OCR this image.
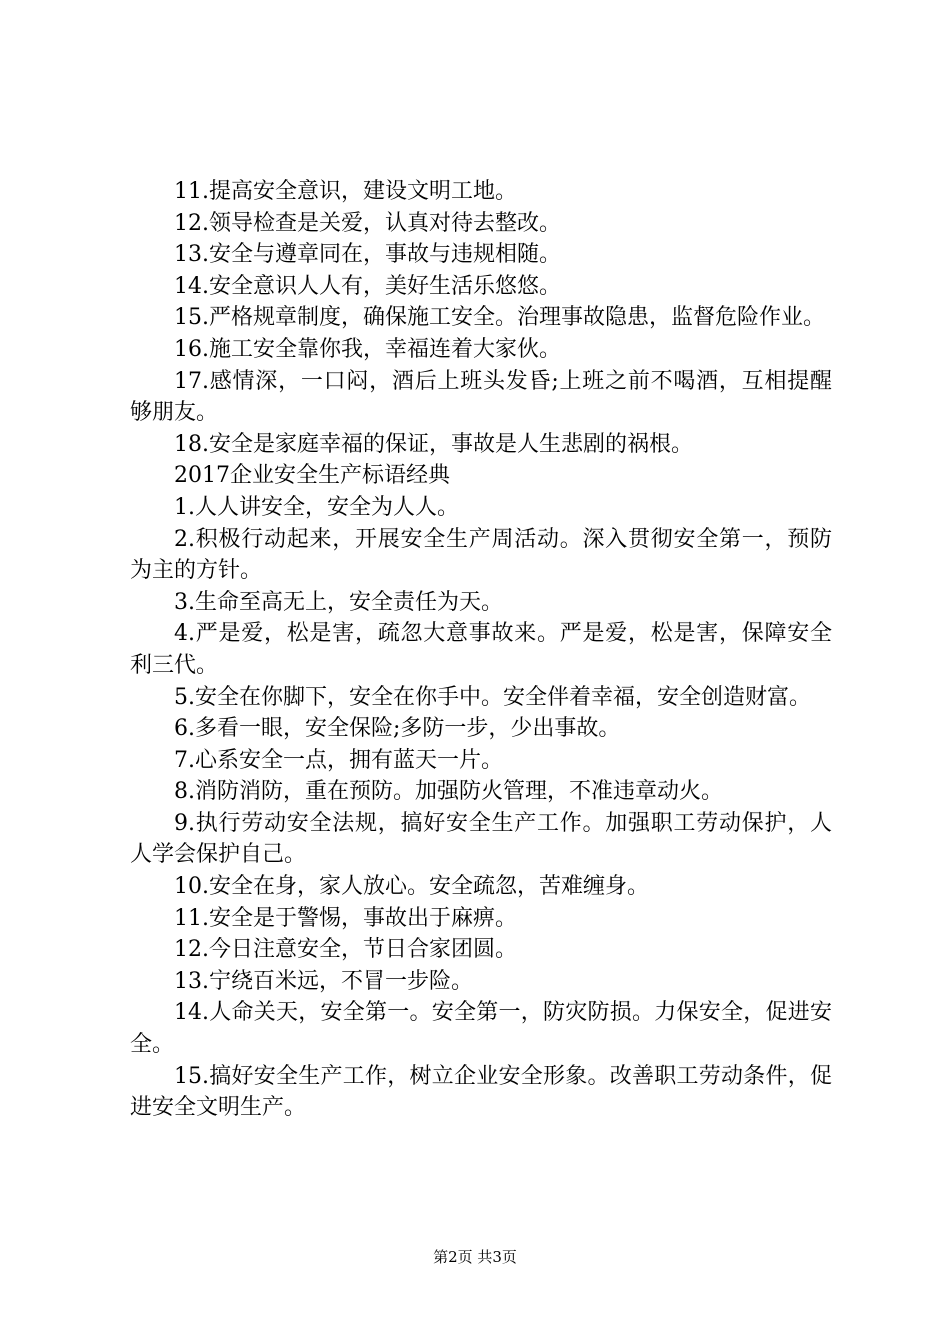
11.提高安全意识，建设文明工地。

12.领导检查是关爱，认真对待去整改。

13.安全与遵章同在，事故与违规相随。

14.安全意识人人有，美好生活乐悠悠。

15.严格规章制度，确保施工安全。治理事故隐患，监督危险作业。

16.施工安全靠你我，幸福连着大家伙。

17.感情深，一口闷，酒后上班头发昏;上班之前不喝酒，互相提醒够朋友。

18.安全是家庭幸福的保证，事故是人生悲剧的祸根。

2017企业安全生产标语经典

1.人人讲安全，安全为人人。

2.积极行动起来，开展安全生产周活动。深入贯彻安全第一，预防为主的方针。

3.生命至高无上，安全责任为天。

4.严是爱，松是害，疏忽大意事故来。严是爱，松是害，保障安全利三代。

5.安全在你脚下，安全在你手中。安全伴着幸福，安全创造财富。

6.多看一眼，安全保险;多防一步，少出事故。

7.心系安全一点，拥有蓝天一片。

8.消防消防，重在预防。加强防火管理，不准违章动火。

9.执行劳动安全法规，搞好安全生产工作。加强职工劳动保护，人人学会保护自己。

10.安全在身，家人放心。安全疏忽，苦难缠身。

11.安全是于警惕，事故出于麻痹。

12.今日注意安全，节日合家团圆。

13.宁绕百米远，不冒一步险。

14.人命关天，安全第一。安全第一，防灾防损。力保安全，促进安全。

15.搞好安全生产工作，树立企业安全形象。改善职工劳动条件，促进安全文明生产。

第2页 共3页
